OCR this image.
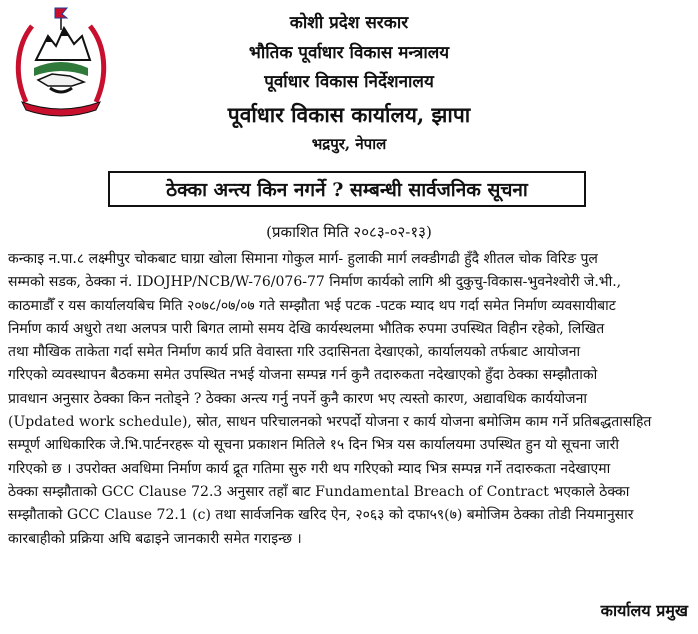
कोशी प्रदेश सरकार
भौतिक पूर्वाधार विकास मन्त्रालय
पूर्वाधार विकास निर्देशनालय
पूर्वाधार विकास कार्यालय, झापा
भद्रपुर, नेपाल
ठेक्का अन्त्य किन नगर्ने ? सम्बन्धी सार्वजनिक सूचना
(प्रकाशित मिति २०८३-०२-१३)
कन्काइ न.पा.८ लक्ष्मीपुर चोकबाट घाग्रा खोला सिमाना गोकुल मार्ग- हुलाकी मार्ग लक्डीगढी हुँदै शीतल चोक विरिङ पुल
सम्मको सडक, ठेक्का नं. IDOJHP/NCB/W-76/076-77 निर्माण कार्यको लागि श्री दुकुचु-विकास-भुवनेश्वोरी जे.भी.,
काठमाडौँ र यस कार्यालयबिच मिति २०७८/०७/०७ गते सम्झौता भई पटक -पटक म्याद थप गर्दा समेत निर्माण व्यवसायीबाट
निर्माण कार्य अधुरो तथा अलपत्र पारी बिगत लामो समय देखि कार्यस्थलमा भौतिक रुपमा उपस्थित विहीन रहेको, लिखित
तथा मौखिक ताकेता गर्दा समेत निर्माण कार्य प्रति वेवास्ता गरि उदासिनता देखाएको, कार्यालयको तर्फबाट आयोजना
गरिएको व्यवस्थापन बैठकमा समेत उपस्थित नभई योजना सम्पन्न गर्न कुनै तदारुकता नदेखाएको हुँदा ठेक्का सम्झौताको
प्रावधान अनुसार ठेक्का किन नतोड्ने ? ठेक्का अन्त्य गर्नु नपर्ने कुनै कारण भए त्यस्तो कारण, अद्यावधिक कार्ययोजना
(Updated work schedule), स्रोत, साधन परिचालनको भरपर्दो योजना र कार्य योजना बमोजिम काम गर्ने प्रतिबद्धतासहित
सम्पूर्ण आधिकारिक जे.भि.पार्टनरहरू यो सूचना प्रकाशन मितिले १५ दिन भित्र यस कार्यालयमा उपस्थित हुन यो सूचना जारी
गरिएको छ । उपरोक्त अवधिमा निर्माण कार्य द्रूत गतिमा सुरु गरी थप गरिएको म्याद भित्र सम्पन्न गर्ने तदारुकता नदेखाएमा
ठेक्का सम्झौताको GCC Clause 72.3 अनुसार तहाँ बाट Fundamental Breach of Contract भएकाले ठेक्का
सम्झौताको GCC Clause 72.1 (c) तथा सार्वजनिक खरिद ऐन, २०६३ को दफा५९(७) बमोजिम ठेक्का तोडी नियमानुसार
कारबाहीको प्रक्रिया अघि बढाइने जानकारी समेत गराइन्छ ।
कार्यालय प्रमुख
